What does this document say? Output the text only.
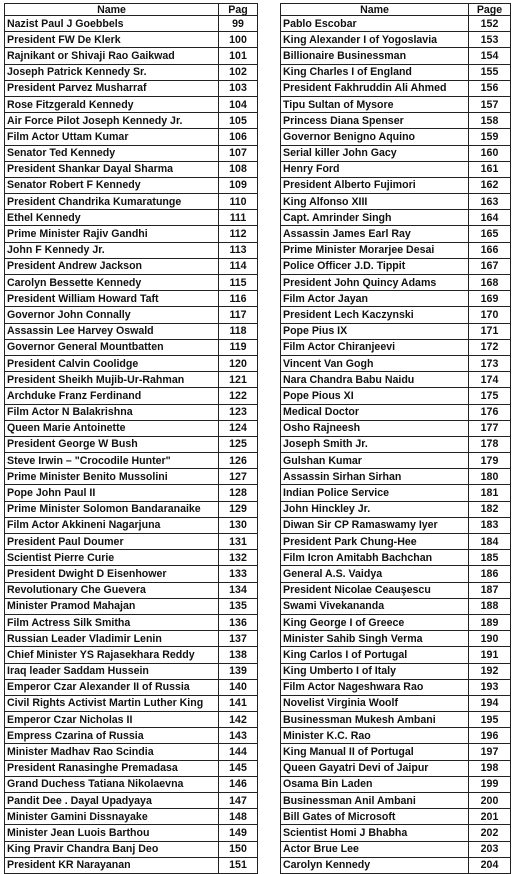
Name	Pag
Nazist Paul J Goebbels	99
President FW De Klerk	100
Rajnikant or Shivaji Rao Gaikwad	101
Joseph Patrick Kennedy Sr.	102
President Parvez Musharraf	103
Rose Fitzgerald Kennedy	104
Air Force Pilot Joseph Kennedy Jr.	105
Film Actor Uttam Kumar	106
Senator Ted Kennedy	107
President Shankar Dayal Sharma	108
Senator Robert F Kennedy	109
President Chandrika Kumaratunge	110
Ethel Kennedy	111
Prime Minister Rajiv Gandhi	112
John F Kennedy Jr.	113
President Andrew Jackson	114
Carolyn Bessette Kennedy	115
President William Howard Taft	116
Governor John Connally	117
Assassin Lee Harvey Oswald	118
Governor General Mountbatten	119
President Calvin Coolidge	120
President Sheikh Mujib-Ur-Rahman	121
Archduke Franz Ferdinand	122
Film Actor N Balakrishna	123
Queen Marie Antoinette	124
President George W Bush	125
Steve Irwin – "Crocodile Hunter"	126
Prime Minister Benito Mussolini	127
Pope John Paul II	128
Prime Minister Solomon Bandaranaike	129
Film Actor Akkineni Nagarjuna	130
President Paul Doumer	131
Scientist Pierre Curie	132
President Dwight D Eisenhower	133
Revolutionary Che Guevera	134
Minister Pramod Mahajan	135
Film Actress Silk Smitha	136
Russian Leader Vladimir Lenin	137
Chief Minister YS Rajasekhara Reddy	138
Iraq leader Saddam Hussein	139
Emperor Czar Alexander II of Russia	140
Civil Rights Activist Martin Luther King	141
Emperor Czar Nicholas II	142
Empress Czarina of Russia	143
Minister Madhav Rao Scindia	144
President Ranasinghe Premadasa	145
Grand Duchess Tatiana Nikolaevna	146
Pandit Dee . Dayal Upadyaya	147
Minister Gamini Dissnayake	148
Minister Jean Luois Barthou	149
King Pravir Chandra Banj Deo	150
President KR Narayanan	151
Name	Page
Pablo Escobar	152
King Alexander I of Yogoslavia	153
Billionaire Businessman	154
King Charles I of England	155
President Fakhruddin Ali Ahmed	156
Tipu Sultan of Mysore	157
Princess Diana Spenser	158
Governor Benigno Aquino	159
Serial killer John Gacy	160
Henry Ford	161
President Alberto Fujimori	162
King Alfonso XIII	163
Capt. Amrinder Singh	164
Assassin James Earl Ray	165
Prime Minister Morarjee Desai	166
Police Officer J.D. Tippit	167
President John Quincy Adams	168
Film Actor Jayan	169
President Lech Kaczynski	170
Pope Pius IX	171
Film Actor Chiranjeevi	172
Vincent Van Gogh	173
Nara Chandra Babu Naidu	174
Pope Pious XI	175
Medical Doctor	176
Osho Rajneesh	177
Joseph Smith Jr.	178
Gulshan Kumar	179
Assassin Sirhan Sirhan	180
Indian Police Service	181
John Hinckley Jr.	182
Diwan Sir CP Ramaswamy Iyer	183
President Park Chung-Hee	184
Film Icron Amitabh Bachchan	185
General A.S. Vaidya	186
President Nicolae Ceauşescu	187
Swami Vivekananda	188
King George I of Greece	189
Minister Sahib Singh Verma	190
King Carlos I of Portugal	191
King Umberto I of Italy	192
Film Actor Nageshwara Rao	193
Novelist Virginia Woolf	194
Businessman Mukesh Ambani	195
Minister K.C. Rao	196
King Manual II of Portugal	197
Queen Gayatri Devi of Jaipur	198
Osama Bin Laden	199
Businessman Anil Ambani	200
Bill Gates of Microsoft	201
Scientist Homi J Bhabha	202
Actor Brue Lee	203
Carolyn Kennedy	204
